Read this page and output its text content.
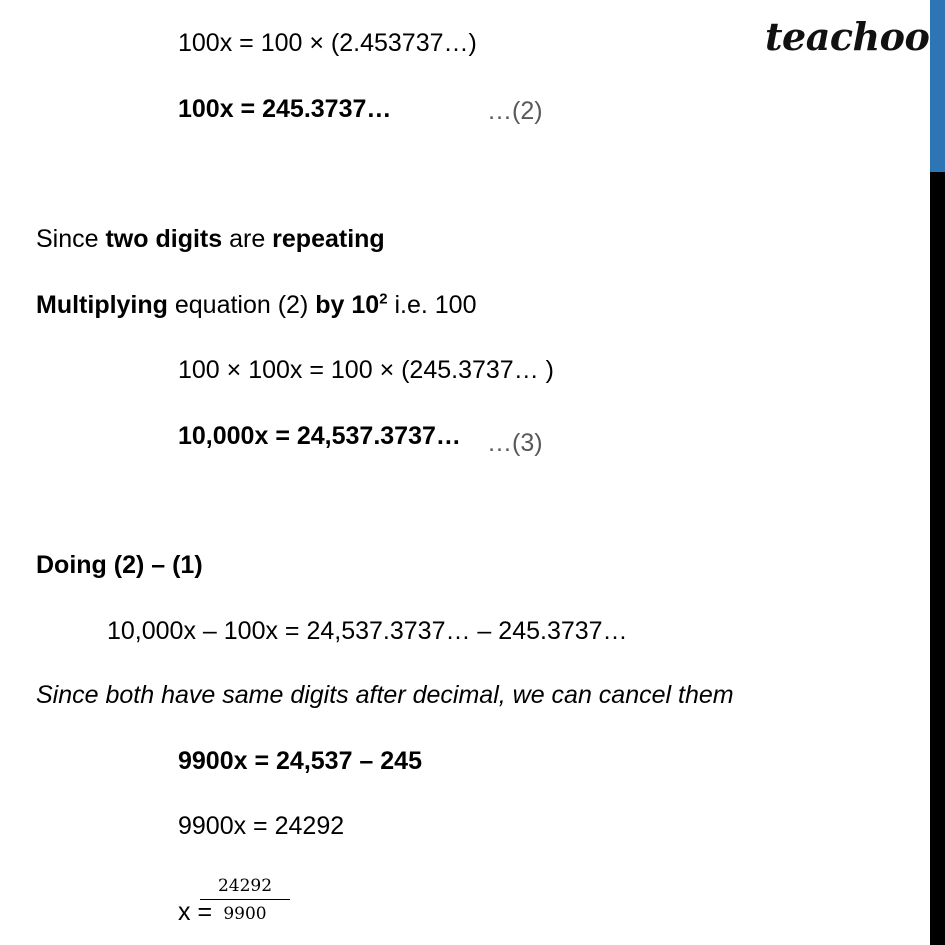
teachoo
100x = 100 × (2.453737…)
100x = 245.3737…	…(2)
Since two digits are repeating
Multiplying equation (2) by $10^2$ i.e. 100
100 × 100x = 100 × (245.3737… )
10,000x = 24,537.3737… …(3)
Doing (2) – (1)
10,000x – 100x = 24,537.3737… – 245.3737…
Since both have same digits after decimal, we can cancel them
9900x = 24,537 – 245
9900x = 24292
x =
$\frac{24292}{9900}$
